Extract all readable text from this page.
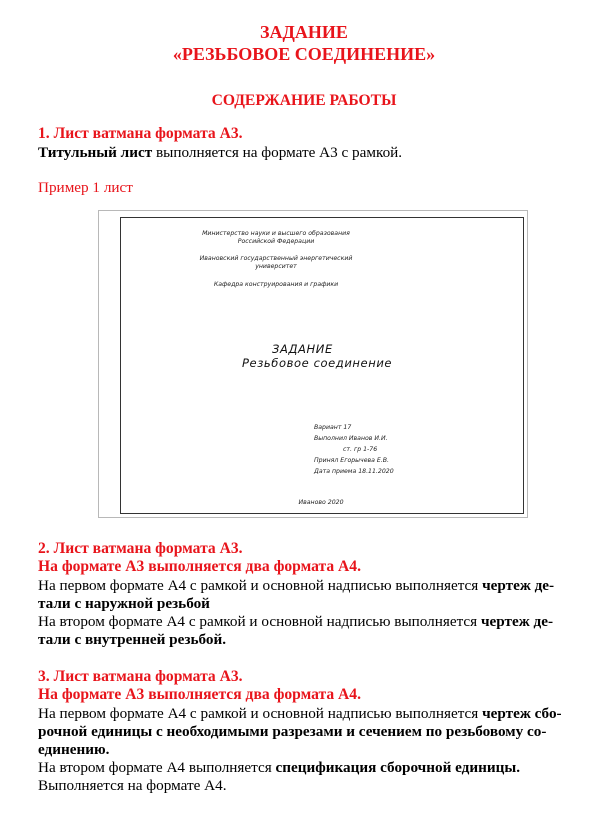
ЗАДАНИЕ
«РЕЗЬБОВОЕ СОЕДИНЕНИЕ»
СОДЕРЖАНИЕ РАБОТЫ
1. Лист ватмана формата А3.
Титульный лист выполняется на формате А3 с рамкой.
Пример 1 лист
Министерство науки и высшего образования
Российской Федерации
Ивановский государственный энергетический
университет
Кафедра конструирования и графики
ЗАДАНИЕ
Резьбовое соединение
Вариант 17
Выполнил Иванов И.И.
ст. гр 1-76
Принял Егорычева Е.В.
Дата приема 18.11.2020
Иваново 2020
2. Лист ватмана формата А3.
На формате А3 выполняется два формата А4.
На первом формате А4 с рамкой и основной надписью выполняется чертеж де-
тали с наружной резьбой
На втором формате А4 с рамкой и основной надписью выполняется чертеж де-
тали с внутренней резьбой.
3. Лист ватмана формата А3.
На формате А3 выполняется два формата А4.
На первом формате А4 с рамкой и основной надписью выполняется чертеж сбо-
рочной единицы с необходимыми разрезами и сечением по резьбовому со-
единению.
На втором формате А4 выполняется спецификация сборочной единицы.
Выполняется на формате А4.
